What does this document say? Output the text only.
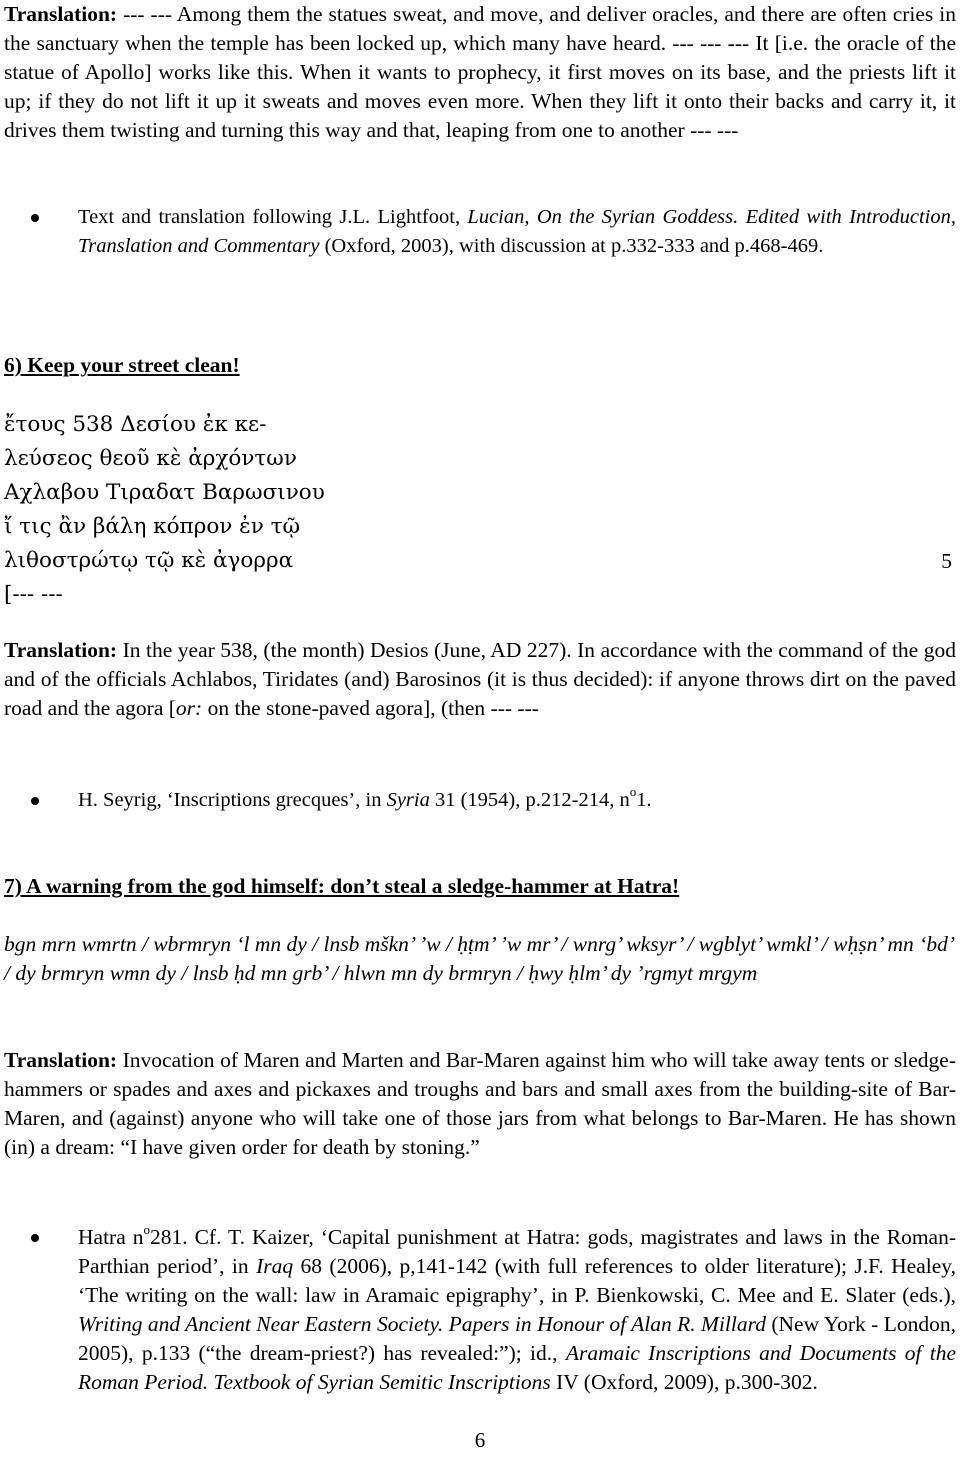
Translation: --- --- Among them the statues sweat, and move, and deliver oracles, and there are often cries in the sanctuary when the temple has been locked up, which many have heard. --- --- --- It [i.e. the oracle of the statue of Apollo] works like this. When it wants to prophecy, it first moves on its base, and the priests lift it up; if they do not lift it up it sweats and moves even more. When they lift it onto their backs and carry it, it drives them twisting and turning this way and that, leaping from one to another --- ---

Text and translation following J.L. Lightfoot, Lucian, On the Syrian Goddess. Edited with Introduction, Translation and Commentary (Oxford, 2003), with discussion at p.332-333 and p.468-469.

6) Keep your street clean!

ἔτους 538 Δεσίου ἐκ κε-
λεύσεος θεοῦ κὲ ἀρχόντων
Αχλαβου Τιραδατ Βαρωσινου
ἴ τις ἂν βάλη κόπρον ἐν τῷ
λιθοστρώτῳ τῷ κὲ ἀγορρα
[--- ---
5

Translation: In the year 538, (the month) Desios (June, AD 227). In accordance with the command of the god and of the officials Achlabos, Tiridates (and) Barosinos (it is thus decided): if anyone throws dirt on the paved road and the agora [or: on the stone-paved agora], (then --- ---

H. Seyrig, ‘Inscriptions grecques’, in Syria 31 (1954), p.212-214, $n^o1$.

7) A warning from the god himself: don’t steal a sledge-hammer at Hatra!

bgn mrn wmrtn / wbrmryn ‘l mn dy / lnsb mškn’ ’w / ḥṭm’ ’w mr’ / wnrg’ wksyr’ / wgblyt’ wmkl’ / wḥṣn’ mn ‘bd’ / dy brmryn wmn dy / lnsb ḥd mn grb’ / hlwn mn dy brmryn / ḥwy ḥlm’ dy ’rgmyt mrgym

Translation: Invocation of Maren and Marten and Bar-Maren against him who will take away tents or sledge-hammers or spades and axes and pickaxes and troughs and bars and small axes from the building-site of Bar-Maren, and (against) anyone who will take one of those jars from what belongs to Bar-Maren. He has shown (in) a dream: “I have given order for death by stoning.”

Hatra $n^o281$. Cf. T. Kaizer, ‘Capital punishment at Hatra: gods, magistrates and laws in the Roman-Parthian period’, in Iraq 68 (2006), p,141-142 (with full references to older literature); J.F. Healey, ‘The writing on the wall: law in Aramaic epigraphy’, in P. Bienkowski, C. Mee and E. Slater (eds.), Writing and Ancient Near Eastern Society. Papers in Honour of Alan R. Millard (New York - London, 2005), p.133 (“the dream-priest?) has revealed:”); id., Aramaic Inscriptions and Documents of the Roman Period. Textbook of Syrian Semitic Inscriptions IV (Oxford, 2009), p.300-302.

6
